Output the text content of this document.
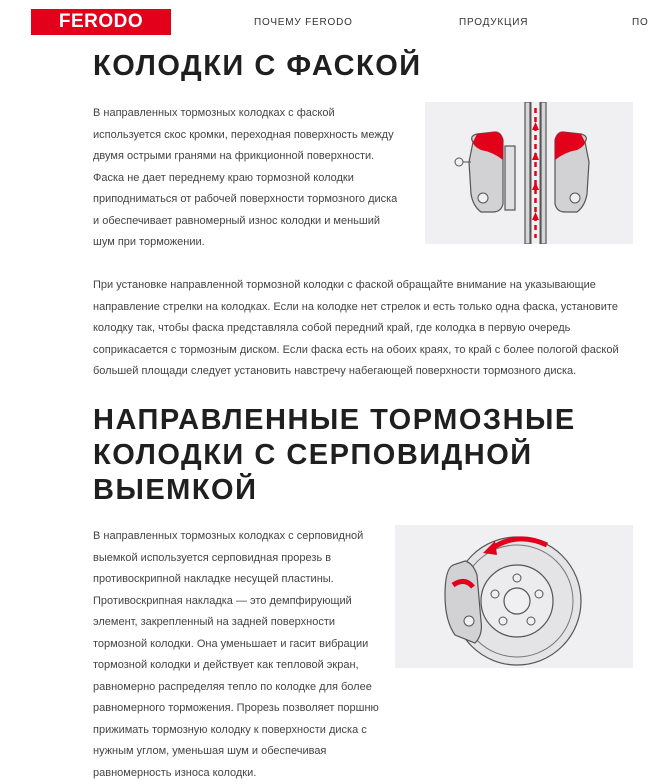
FERODO	ПОЧЕМУ FERODO	ПРОДУКЦИЯ	ПО
КОЛОДКИ С ФАСКОЙ

В направленных тормозных колодках с фаской используется скос кромки, переходная поверхность между двумя острыми гранями на фрикционной поверхности. Фаска не дает переднему краю тормозной колодки приподниматься от рабочей поверхности тормозного диска и обеспечивает равномерный износ колодки и меньший шум при торможении.

При установке направленной тормозной колодки с фаской обращайте внимание на указывающие направление стрелки на колодках. Если на колодке нет стрелок и есть только одна фаска, установите колодку так, чтобы фаска представляла собой передний край, где колодка в первую очередь соприкасается с тормозным диском. Если фаска есть на обоих краях, то край с более пологой фаской большей площади следует установить навстречу набегающей поверхности тормозного диска.

НАПРАВЛЕННЫЕ ТОРМОЗНЫЕ КОЛОДКИ С СЕРПОВИДНОЙ ВЫЕМКОЙ

В направленных тормозных колодках с серповидной выемкой используется серповидная прорезь в противоскрипной накладке несущей пластины. Противоскрипная накладка — это демпфирующий элемент, закрепленный на задней поверхности тормозной колодки. Она уменьшает и гасит вибрации тормозной колодки и действует как тепловой экран, равномерно распределяя тепло по колодке для более равномерного торможения. Прорезь позволяет поршню прижимать тормозную колодку к поверхности диска с нужным углом, уменьшая шум и обеспечивая равномерность износа колодки.
